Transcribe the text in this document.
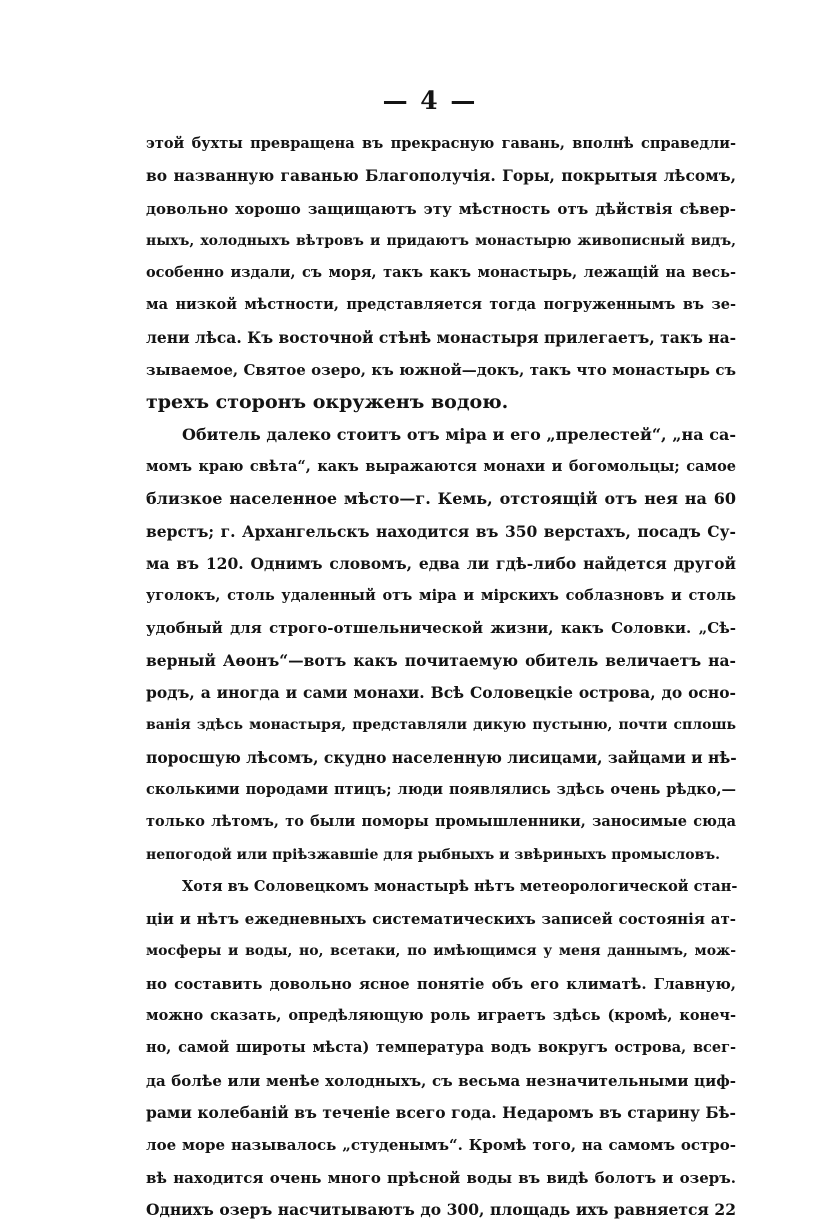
— 4 —
этой бухты превращена въ прекрасную гавань, вполнѣ справедли-
во названную гаванью Благополучія. Горы, покрытыя лѣсомъ,
довольно хорошо защищаютъ эту мѣстность отъ дѣйствія сѣвер-
ныхъ, холодныхъ вѣтровъ и придаютъ монастырю живописный видъ,
особенно издали, съ моря, такъ какъ монастырь, лежащій на весь-
ма низкой мѣстности, представляется тогда погруженнымъ въ зе-
лени лѣса. Къ восточной стѣнѣ монастыря прилегаетъ, такъ на-
зываемое, Святое озеро, къ южной—докъ, такъ что монастырь съ
трехъ сторонъ окруженъ водою.
Обитель далеко стоитъ отъ міра и его „прелестей“, „на са-
момъ краю свѣта“, какъ выражаются монахи и богомольцы; самое
близкое населенное мѣсто—г. Кемь, отстоящій отъ нея на 60
верстъ; г. Архангельскъ находится въ 350 верстахъ, посадъ Су-
ма въ 120. Однимъ словомъ, едва ли гдѣ-либо найдется другой
уголокъ, столь удаленный отъ міра и мірскихъ соблазновъ и столь
удобный для строго-отшельнической жизни, какъ Соловки. „Сѣ-
верный Аѳонъ“—вотъ какъ почитаемую обитель величаетъ на-
родъ, а иногда и сами монахи. Всѣ Соловецкіе острова, до осно-
ванія здѣсь монастыря, представляли дикую пустыню, почти сплошь
поросшую лѣсомъ, скудно населенную лисицами, зайцами и нѣ-
сколькими породами птицъ; люди появлялись здѣсь очень рѣдко,—
только лѣтомъ, то были поморы промышленники, заносимые сюда
непогодой или пріѣзжавшіе для рыбныхъ и звѣриныхъ промысловъ.
Хотя въ Соловецкомъ монастырѣ нѣтъ метеорологической стан-
ціи и нѣтъ ежедневныхъ систематическихъ записей состоянія ат-
мосферы и воды, но, всетаки, по имѣющимся у меня даннымъ, мож-
но составить довольно ясное понятіе объ его климатѣ. Главную,
можно сказать, опредѣляющую роль играетъ здѣсь (кромѣ, конеч-
но, самой широты мѣста) температура водъ вокругъ острова, всег-
да болѣе или менѣе холодныхъ, съ весьма незначительными циф-
рами колебаній въ теченіе всего года. Недаромъ въ старину Бѣ-
лое море называлось „студенымъ“. Кромѣ того, на самомъ остро-
вѣ находится очень много прѣсной воды въ видѣ болотъ и озеръ.
Однихъ озеръ насчитываютъ до 300, площадь ихъ равняется 22
